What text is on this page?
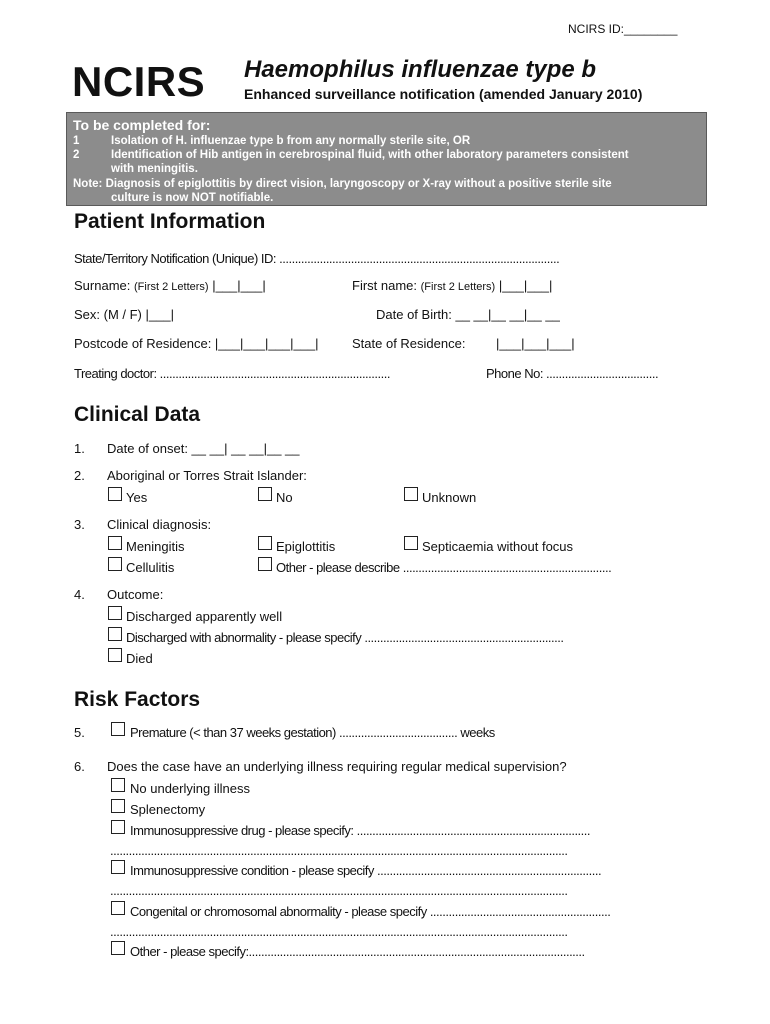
NCIRS ID:________
NCIRS Haemophilus influenzae type b
Enhanced surveillance notification (amended January 2010)
To be completed for:
1	Isolation of H. influenzae type b from any normally sterile site, OR
2	Identification of Hib antigen in cerebrospinal fluid, with other laboratory parameters consistent
with meningitis.
Note: Diagnosis of epiglottitis by direct vision, laryngoscopy or X-ray without a positive sterile site
culture is now NOT notifiable.
Patient Information
State/Territory Notification (Unique) ID: ..........................................................................................
Surname: (First 2 Letters) |___|___|	First name: (First 2 Letters) |___|___|
Sex: (M / F) |___|	Date of Birth: __ __|__ __|__ __
Postcode of Residence: |___|___|___|___|	State of Residence: |___|___|___|
Treating doctor: ..........................................................................	Phone No: ....................................
Clinical Data
1. Date of onset: __ __| __ __|__ __
2. Aboriginal or Torres Strait Islander:
Yes	No	Unknown
3. Clinical diagnosis:
Meningitis	Epiglottitis	Septicaemia without focus
Cellulitis	Other - please describe ...................................................................
4. Outcome:
Discharged apparently well
Discharged with abnormality - please specify ................................................................
Died
Risk Factors
5.	Premature (< than 37 weeks gestation) ...................................... weeks
6. Does the case have an underlying illness requiring regular medical supervision?
No underlying illness
Splenectomy
Immunosuppressive drug - please specify: ...........................................................................
...................................................................................................................................................
Immunosuppressive condition - please specify ........................................................................
...................................................................................................................................................
Congenital or chromosomal abnormality - please specify ..........................................................
...................................................................................................................................................
Other - please specify:............................................................................................................
